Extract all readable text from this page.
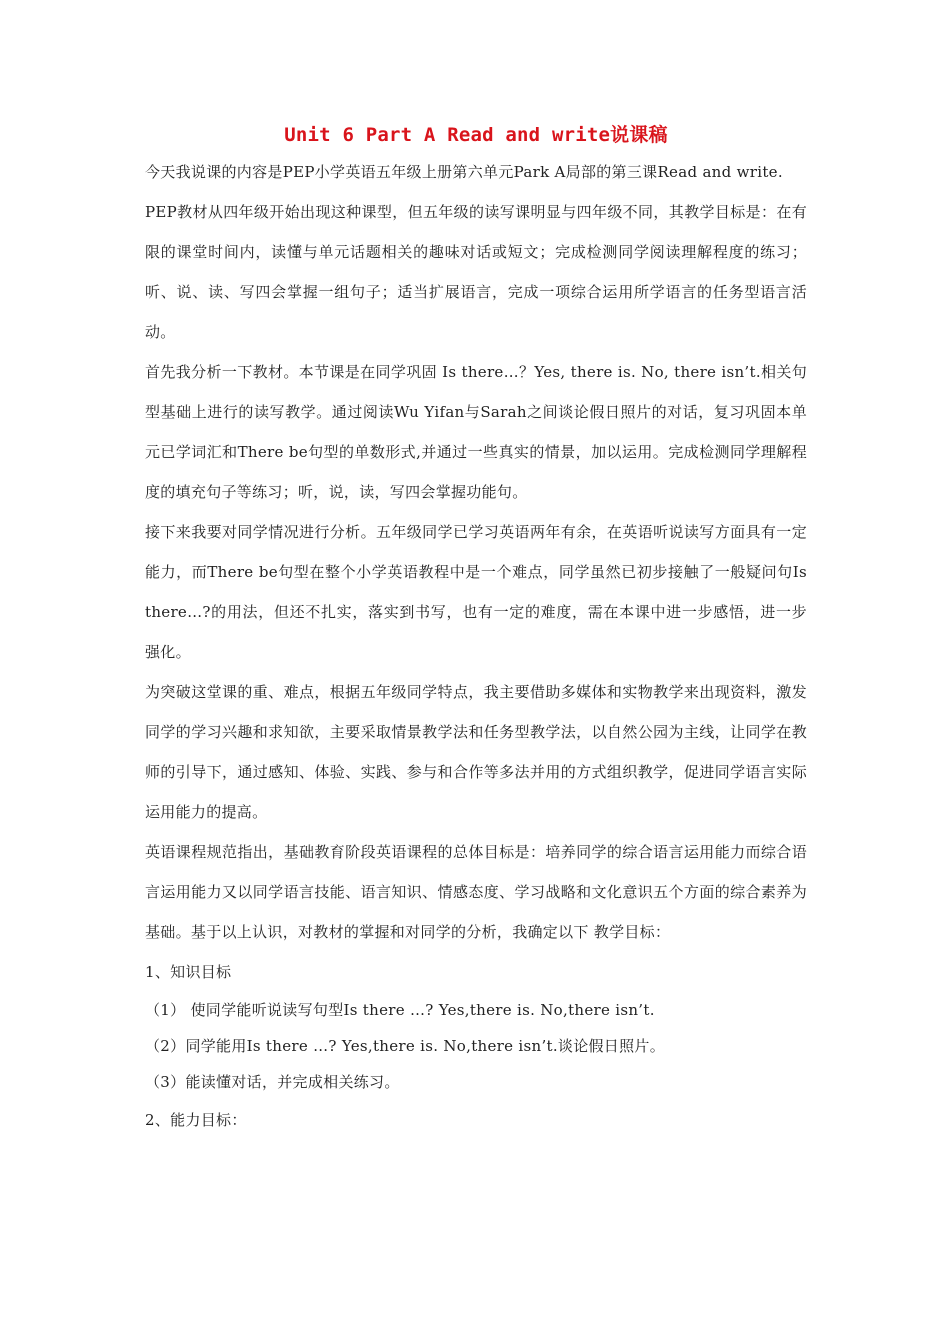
Unit 6 Part A Read and write说课稿

今天我说课的内容是PEP小学英语五年级上册第六单元Park A局部的第三课Read and write.

PEP教材从四年级开始出现这种课型，但五年级的读写课明显与四年级不同，其教学目标是：在有限的课堂时间内，读懂与单元话题相关的趣味对话或短文；完成检测同学阅读理解程度的练习；听、说、读、写四会掌握一组句子；适当扩展语言，完成一项综合运用所学语言的任务型语言活动。

首先我分析一下教材。本节课是在同学巩固 Is there…？Yes, there is. No, there isn’t.相关句型基础上进行的读写教学。通过阅读Wu Yifan与Sarah之间谈论假日照片的对话，复习巩固本单元已学词汇和There be句型的单数形式,并通过一些真实的情景，加以运用。完成检测同学理解程度的填充句子等练习；听，说，读，写四会掌握功能句。

接下来我要对同学情况进行分析。五年级同学已学习英语两年有余，在英语听说读写方面具有一定能力，而There be句型在整个小学英语教程中是一个难点，同学虽然已初步接触了一般疑问句Is there…?的用法，但还不扎实，落实到书写，也有一定的难度，需在本课中进一步感悟，进一步强化。

为突破这堂课的重、难点，根据五年级同学特点，我主要借助多媒体和实物教学来出现资料，激发同学的学习兴趣和求知欲，主要采取情景教学法和任务型教学法，以自然公园为主线，让同学在教师的引导下，通过感知、体验、实践、参与和合作等多法并用的方式组织教学，促进同学语言实际运用能力的提高。

英语课程规范指出，基础教育阶段英语课程的总体目标是：培养同学的综合语言运用能力而综合语言运用能力又以同学语言技能、语言知识、情感态度、学习战略和文化意识五个方面的综合素养为基础。基于以上认识，对教材的掌握和对同学的分析，我确定以下 教学目标：

1、知识目标

（1） 使同学能听说读写句型Is there …? Yes,there is. No,there isn’t.

（2）同学能用Is there …? Yes,there is. No,there isn’t.谈论假日照片。

（3）能读懂对话，并完成相关练习。

2、能力目标：
